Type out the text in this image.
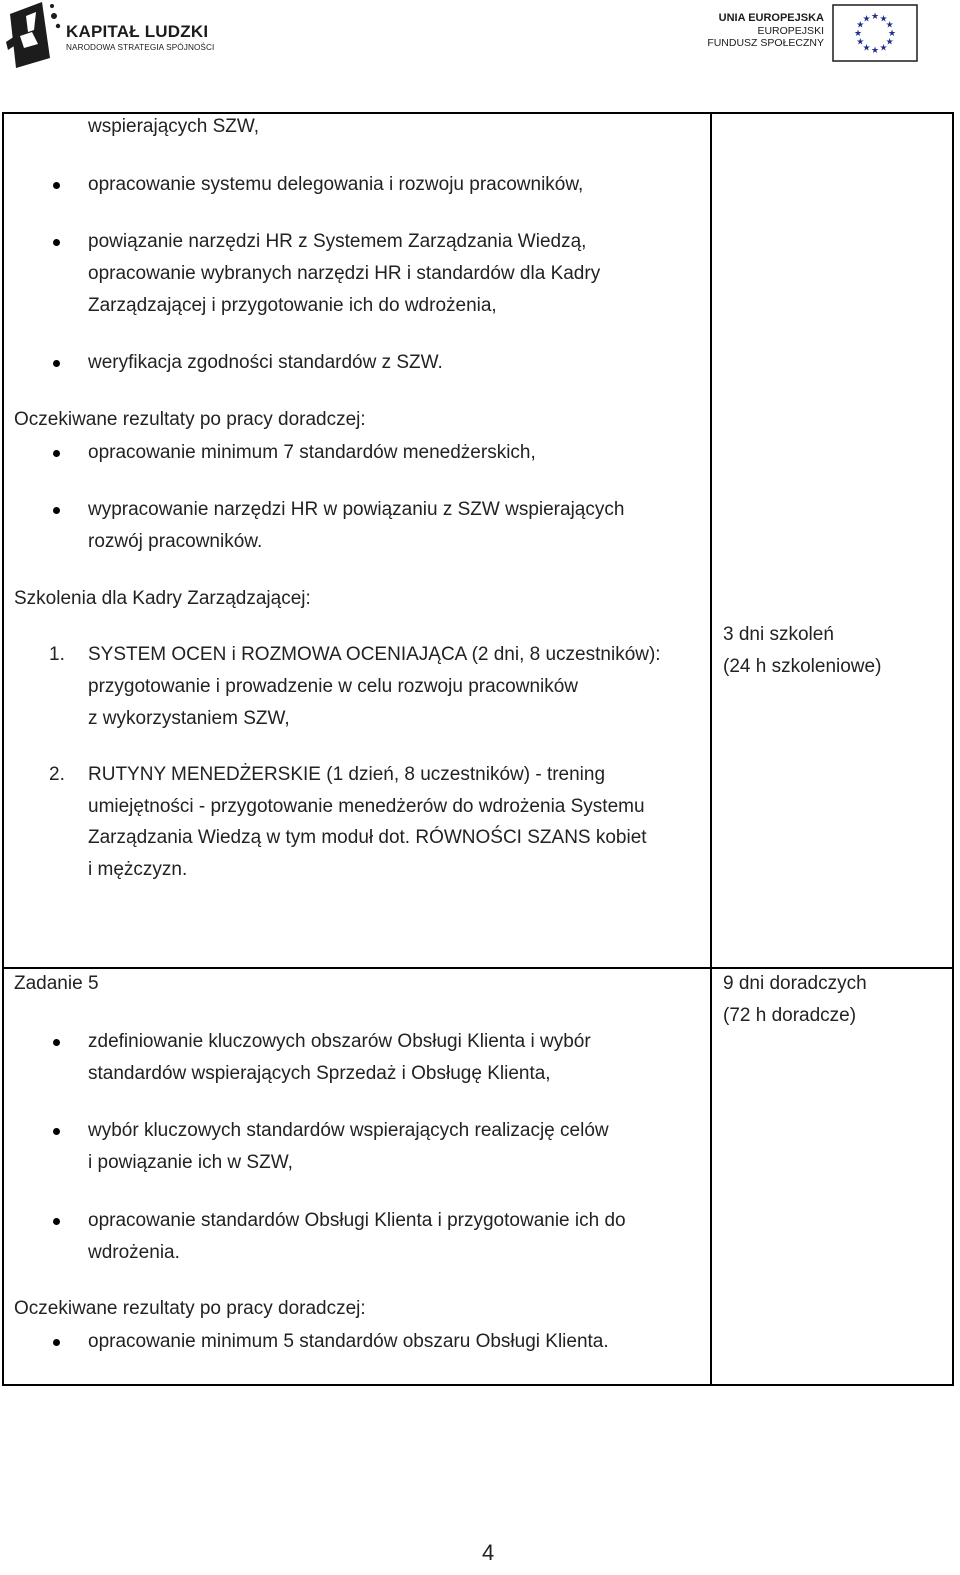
KAPITAŁ LUDZKI
NARODOWA STRATEGIA SPÓJNOŚCI
UNIA EUROPEJSKA
EUROPEJSKI
FUNDUSZ SPOŁECZNY
★ ★
★
★
★
★
★
★
★
★
★
★
wspierających SZW,
opracowanie systemu delegowania i rozwoju pracowników,
powiązanie narzędzi HR z Systemem Zarządzania Wiedzą,
opracowanie wybranych narzędzi HR i standardów dla Kadry
Zarządzającej i przygotowanie ich do wdrożenia,
weryfikacja zgodności standardów z SZW.
Oczekiwane rezultaty po pracy doradczej:
opracowanie minimum 7 standardów menedżerskich,
wypracowanie narzędzi HR w powiązaniu z SZW wspierających
rozwój pracowników.
Szkolenia dla Kadry Zarządzającej:
1. SYSTEM OCEN i ROZMOWA OCENIAJĄCA (2 dni, 8 uczestników):
przygotowanie i prowadzenie w celu rozwoju pracowników
z wykorzystaniem SZW,
2. RUTYNY MENEDŻERSKIE (1 dzień, 8 uczestników) - trening
umiejętności - przygotowanie menedżerów do wdrożenia Systemu
Zarządzania Wiedzą w tym moduł dot. RÓWNOŚCI SZANS kobiet
i mężczyzn.
3 dni szkoleń
(24 h szkoleniowe)
Zadanie 5
zdefiniowanie kluczowych obszarów Obsługi Klienta i wybór
standardów wspierających Sprzedaż i Obsługę Klienta,
wybór kluczowych standardów wspierających realizację celów
i powiązanie ich w SZW,
opracowanie standardów Obsługi Klienta i przygotowanie ich do
wdrożenia.
Oczekiwane rezultaty po pracy doradczej:
opracowanie minimum 5 standardów obszaru Obsługi Klienta.
9 dni doradczych
(72 h doradcze)
4
